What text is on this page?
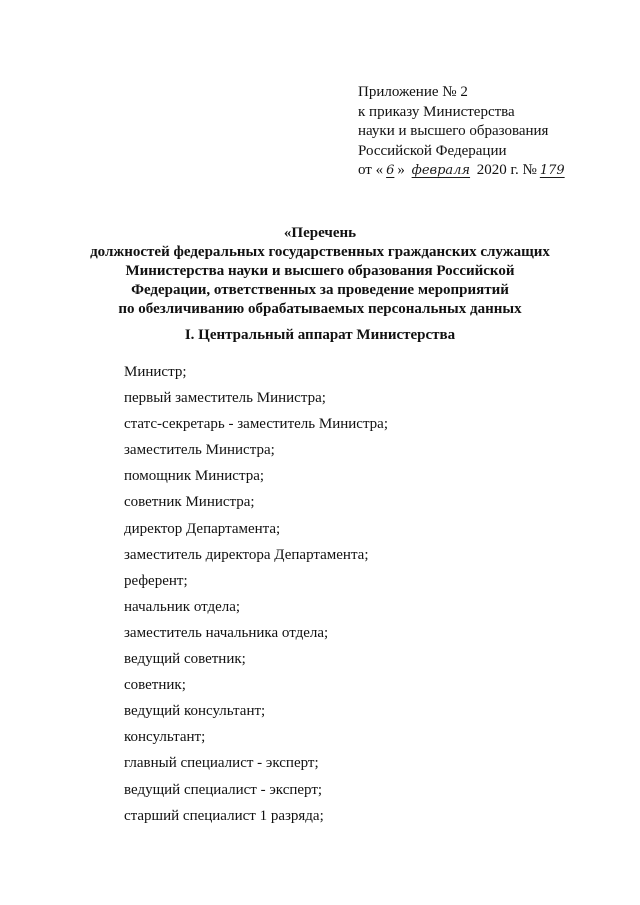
Приложение № 2
к приказу Министерства
науки и высшего образования
Российской Федерации
от « 6 » февраля 2020 г. № 179
«Перечень
должностей федеральных государственных гражданских служащих
Министерства науки и высшего образования Российской
Федерации, ответственных за проведение мероприятий
по обезличиванию обрабатываемых персональных данных
I. Центральный аппарат Министерства
Министр;
первый заместитель Министра;
статс-секретарь - заместитель Министра;
заместитель Министра;
помощник Министра;
советник Министра;
директор Департамента;
заместитель директора Департамента;
референт;
начальник отдела;
заместитель начальника отдела;
ведущий советник;
советник;
ведущий консультант;
консультант;
главный специалист - эксперт;
ведущий специалист - эксперт;
старший специалист 1 разряда;
